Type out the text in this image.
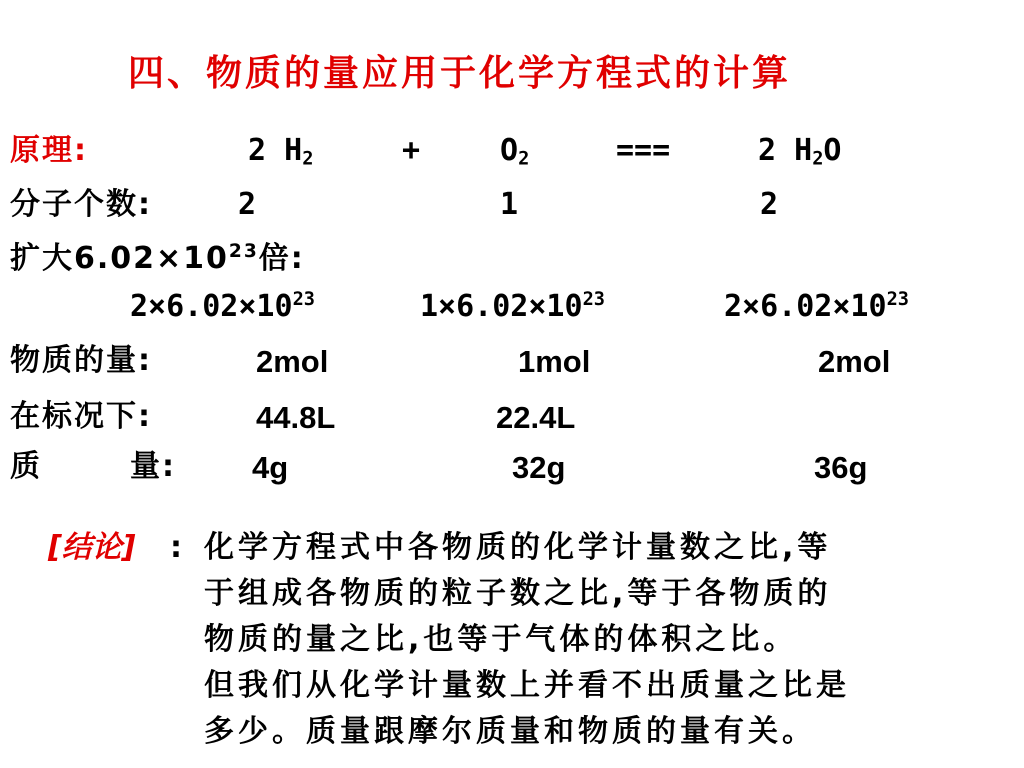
四、物质的量应用于化学方程式的计算
原理:	2 $H_2$	+	$O_2$	===	2 $H_2O$
分子个数:	2	1	2
扩大$6.02\times 10^{23}$倍:
$2\times 6.02\times 10^{23}$	$1\times 6.02\times 10^{23}$	$2\times 6.02\times 10^{23}$
物质的量:	2mol	1mol	2mol
在标况下:	44.8L	22.4L
质	量: 4g	32g	36g
[结论] : 化学方程式中各物质的化学计量数之比,等
于组成各物质的粒子数之比,等于各物质的
物质的量之比,也等于气体的体积之比。
但我们从化学计量数上并看不出质量之比是
多少。质量跟摩尔质量和物质的量有关。
